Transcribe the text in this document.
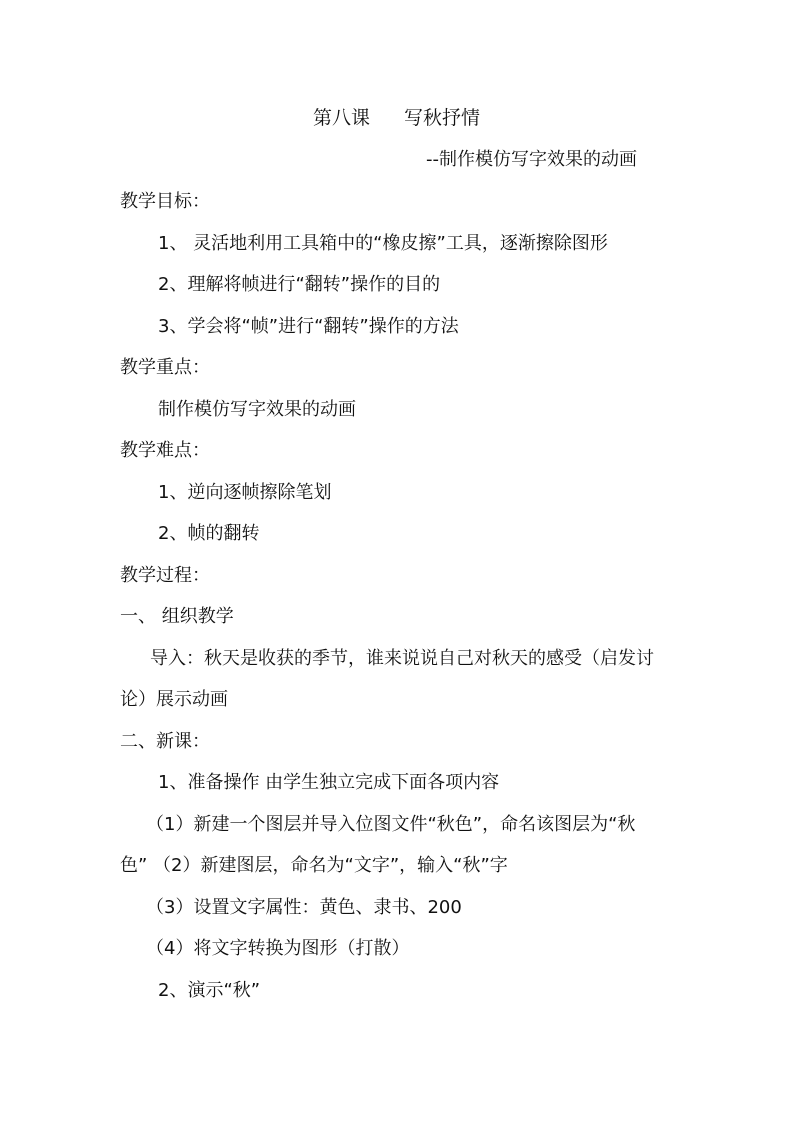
第八课 写秋抒情
--制作模仿写字效果的动画
教学目标：
1、 灵活地利用工具箱中的“橡皮擦”工具，逐渐擦除图形
2、理解将帧进行“翻转”操作的目的
3、学会将“帧”进行“翻转”操作的方法
教学重点：
制作模仿写字效果的动画
教学难点：
1、逆向逐帧擦除笔划
2、帧的翻转
教学过程：
一、 组织教学
导入：秋天是收获的季节，谁来说说自己对秋天的感受（启发讨
论）展示动画
二、新课：
1、准备操作 由学生独立完成下面各项内容
（1）新建一个图层并导入位图文件“秋色”，命名该图层为“秋
色” （2）新建图层，命名为“文字”，输入“秋”字
（3）设置文字属性：黄色、隶书、200
（4）将文字转换为图形（打散）
2、演示“秋”
